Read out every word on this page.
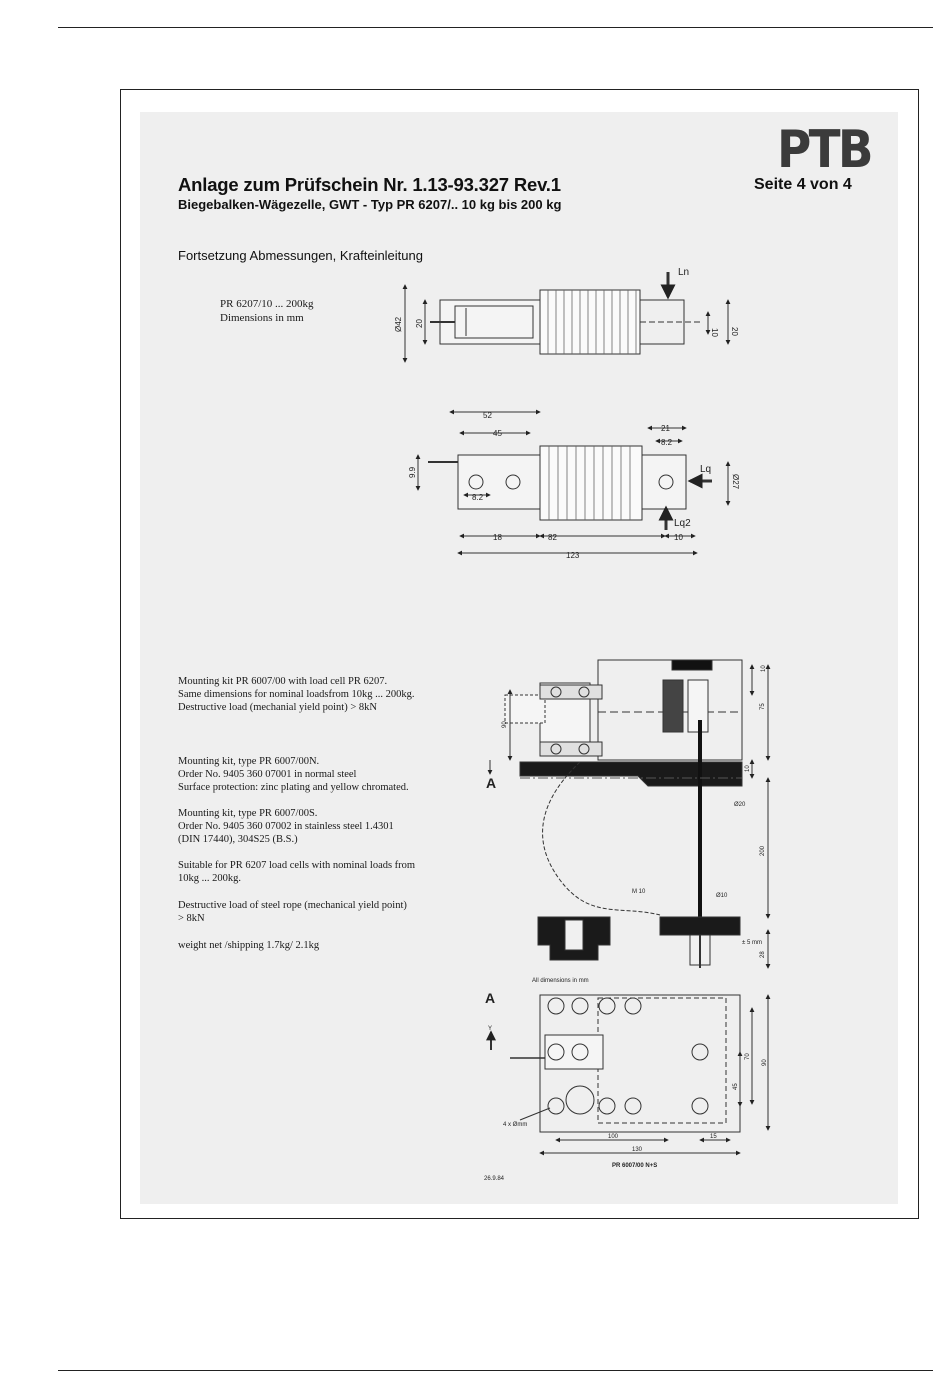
PTB
Anlage zum Prüfschein Nr. 1.13-93.327 Rev.1	Seite 4 von 4
Biegebalken-Wägezelle, GWT - Typ PR 6207/.. 10 kg bis 200 kg
Fortsetzung Abmessungen, Krafteinleitung
PR 6207/10 ... 200kg
Dimensions in mm
Mounting kit PR 6007/00 with load cell PR 6207.
Same dimensions for nominal loadsfrom 10kg ... 200kg.
Destructive load (mechanial yield point) > 8kN
Mounting kit, type PR 6007/00N.
Order No. 9405 360 07001 in normal steel
Surface protection: zinc plating and yellow chromated.
Mounting kit, type PR 6007/00S.
Order No. 9405 360 07002 in stainless steel 1.4301
(DIN 17440), 304S25 (B.S.)
Suitable for PR 6207 load cells with nominal loads from
10kg ... 200kg.
Destructive load of steel rope (mechanical yield point)
> 8kN
weight net /shipping 1.7kg/ 2.1kg
Ø42 20
10 20
Ln
52
45
21
8.2
9.9
8.2
Ø27
18	82	10
123
Lq
Lq2
A
10
75
90
10
Ø20
200
M 10
Ø10
± 5 mm
28
All dimensions in mm
A
Y
70
90
45
4 x Ømm
100	15
130
PR 6007/00 N+S
26.9.84
